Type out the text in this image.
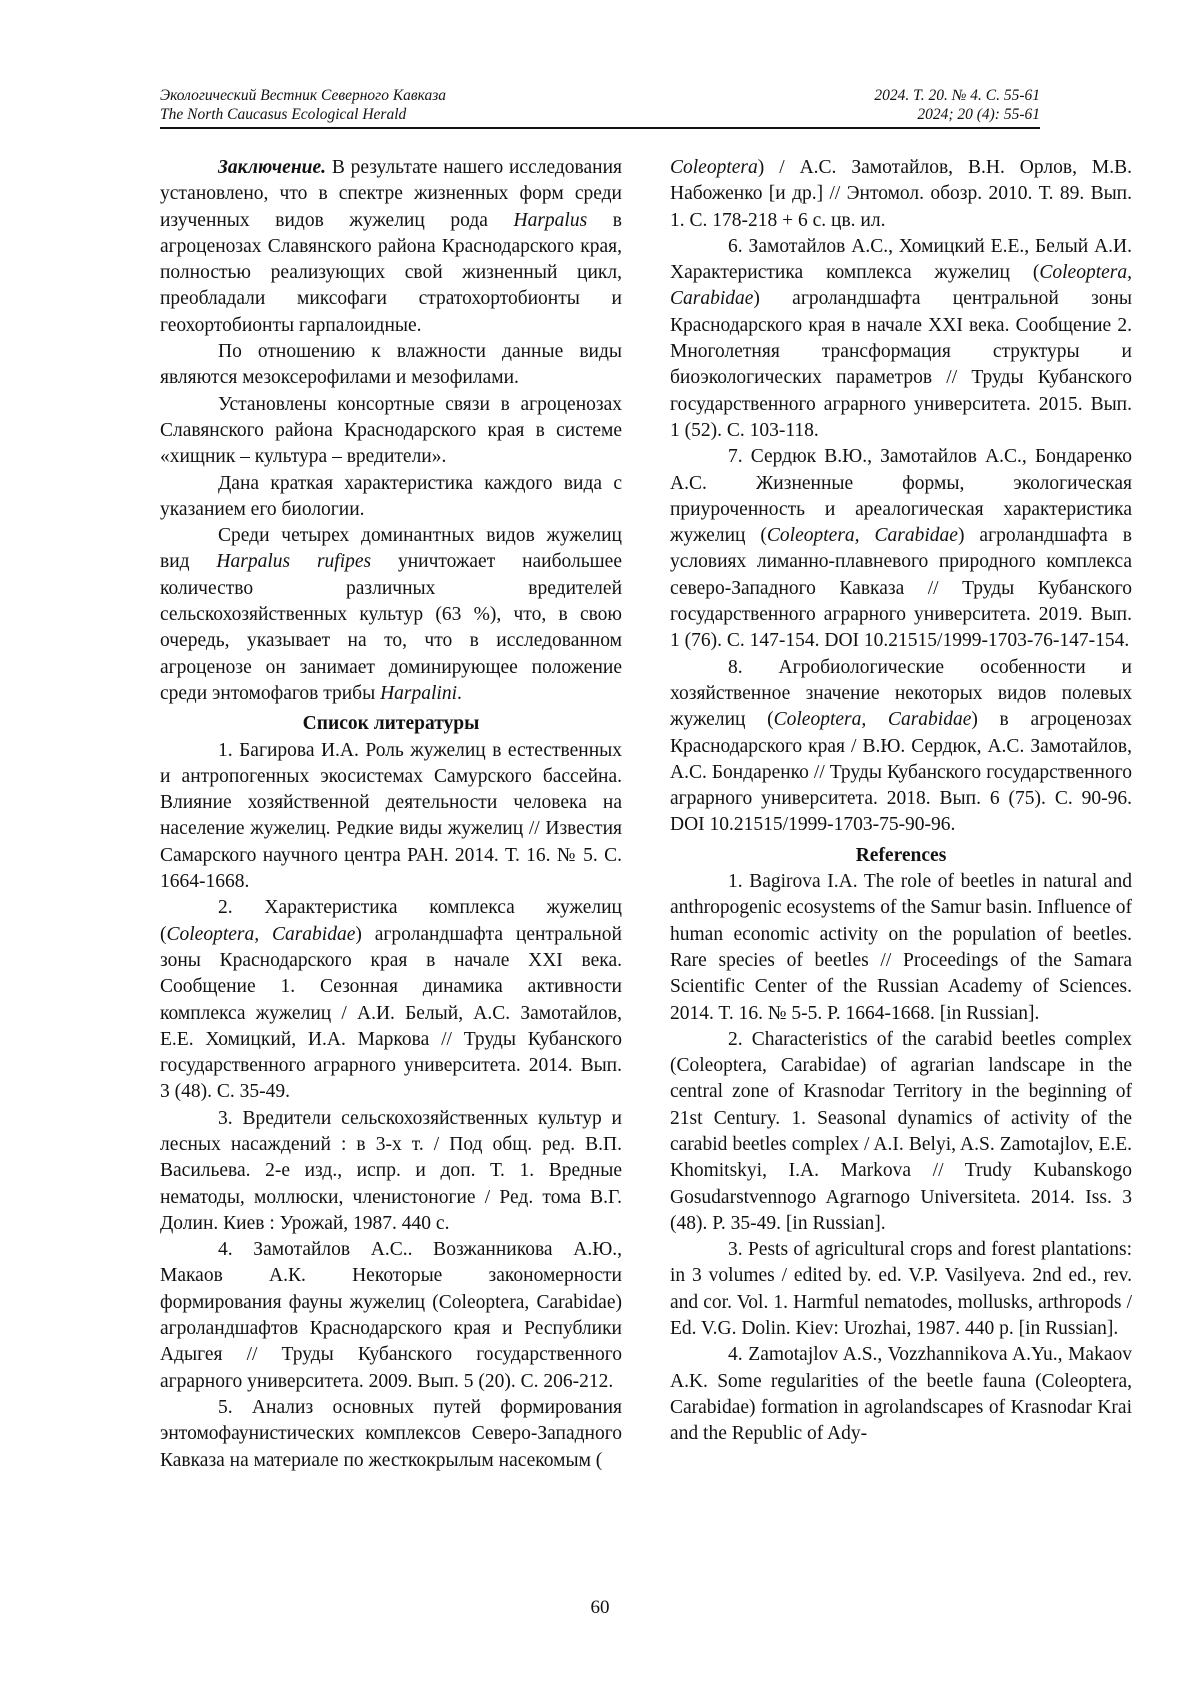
Экологический Вестник Северного Кавказа	2024. Т. 20. № 4. С. 55-61
The North Caucasus Ecological Herald	2024; 20 (4): 55-61

Заключение. В результате нашего исследования установлено, что в спектре жизненных форм среди изученных видов жужелиц рода Harpalus в агроценозах Славянского района Краснодарского края, полностью реализующих свой жизненный цикл, преобладали миксофаги стратохортобионты и геохортобионты гарпалоидные.

По отношению к влажности данные виды являются мезоксерофилами и мезофилами.

Установлены консортные связи в агроценозах Славянского района Краснодарского края в системе «хищник – культура – вредители».

Дана краткая характеристика каждого вида с указанием его биологии.

Среди четырех доминантных видов жужелиц вид Harpalus rufipes уничтожает наибольшее количество различных вредителей сельскохозяйственных культур (63 %), что, в свою очередь, указывает на то, что в исследованном агроценозе он занимает доминирующее положение среди энтомофагов трибы Harpalini.

Список литературы

1. Багирова И.А. Роль жужелиц в естественных и антропогенных экосистемах Самурского бассейна. Влияние хозяйственной деятельности человека на население жужелиц. Редкие виды жужелиц // Известия Самарского научного центра РАН. 2014. Т. 16. № 5. С. 1664-1668.

2. Характеристика комплекса жужелиц (Coleoptera, Carabidae) агроландшафта центральной зоны Краснодарского края в начале XXI века. Сообщение 1. Сезонная динамика активности комплекса жужелиц / А.И. Белый, А.С. Замотайлов, Е.Е. Хомицкий, И.А. Маркова // Труды Кубанского государственного аграрного университета. 2014. Вып. 3 (48). С. 35-49.

3. Вредители сельскохозяйственных культур и лесных насаждений : в 3-х т. / Под общ. ред. В.П. Васильева. 2-е изд., испр. и доп. Т. 1. Вредные нематоды, моллюски, членистоногие / Ред. тома В.Г. Долин. Киев : Урожай, 1987. 440 с.

4. Замотайлов А.С.. Возжанникова А.Ю., Макаов А.К. Некоторые закономерности формирования фауны жужелиц (Coleoptera, Carabidae) агроландшафтов Краснодарского края и Республики Адыгея // Труды Кубанского государственного аграрного университета. 2009. Вып. 5 (20). С. 206-212.

5. Анализ основных путей формирования энтомофаунистических комплексов Северо-Западного Кавказа на материале по жесткокрылым насекомым (

Coleoptera) / А.С. Замотайлов, В.Н. Орлов, М.В. Набоженко [и др.] // Энтомол. обозр. 2010. Т. 89. Вып. 1. С. 178-218 + 6 с. цв. ил.

6. Замотайлов А.С., Хомицкий Е.Е., Белый А.И. Характеристика комплекса жужелиц (Coleoptera, Carabidae) агроландшафта центральной зоны Краснодарского края в начале XXI века. Сообщение 2. Многолетняя трансформация структуры и биоэкологических параметров // Труды Кубанского государственного аграрного университета. 2015. Вып. 1 (52). С. 103-118.

7. Сердюк В.Ю., Замотайлов А.С., Бондаренко А.С. Жизненные формы, экологическая приуроченность и ареалогическая характеристика жужелиц (Coleoptera, Carabidae) агроландшафта в условиях лиманно-плавневого природного комплекса северо-Западного Кавказа // Труды Кубанского государственного аграрного университета. 2019. Вып. 1 (76). С. 147-154. DOI 10.21515/1999-1703-76-147-154.

8. Агробиологические особенности и хозяйственное значение некоторых видов полевых жужелиц (Coleoptera, Carabidae) в агроценозах Краснодарского края / В.Ю. Сердюк, А.С. Замотайлов, А.С. Бондаренко // Труды Кубанского государственного аграрного университета. 2018. Вып. 6 (75). С. 90-96. DOI 10.21515/1999-1703-75-90-96.

References

1. Bagirova I.A. The role of beetles in natural and anthropogenic ecosystems of the Samur basin. Influence of human economic activity on the population of beetles. Rare species of beetles // Proceedings of the Samara Scientific Center of the Russian Academy of Sciences. 2014. T. 16. № 5-5. P. 1664-1668. [in Russian].

2. Characteristics of the carabid beetles complex (Coleoptera, Carabidae) of agrarian landscape in the central zone of Krasnodar Territory in the beginning of 21st Century. 1. Seasonal dynamics of activity of the carabid beetles complex / A.I. Belyi, A.S. Zamotajlov, E.E. Khomitskyi, I.A. Markova // Trudy Kubanskogo Gosudarstvennogo Agrarnogo Universiteta. 2014. Iss. 3 (48). P. 35-49. [in Russian].

3. Pests of agricultural crops and forest plantations: in 3 volumes / edited by. ed. V.P. Vasilyeva. 2nd ed., rev. and cor. Vol. 1. Harmful nematodes, mollusks, arthropods / Ed. V.G. Dolin. Kiev: Urozhai, 1987. 440 p. [in Russian].

4. Zamotajlov A.S., Vozzhannikova A.Yu., Makaov A.K. Some regularities of the beetle fauna (Coleoptera, Carabidae) formation in agrolandscapes of Krasnodar Krai and the Republic of Ady-

60
